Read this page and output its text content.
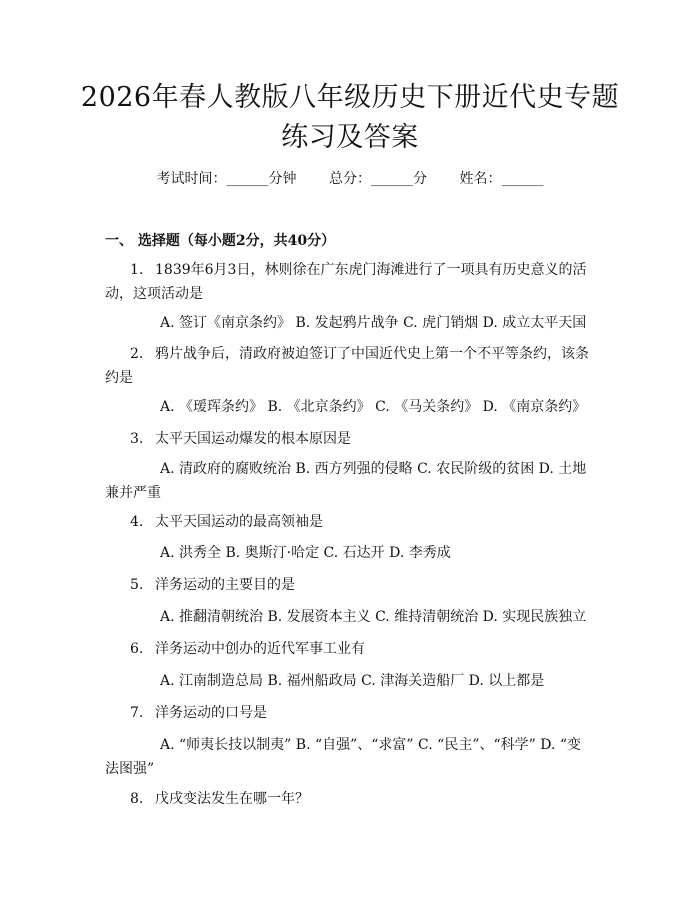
2026年春人教版八年级历史下册近代史专题
练习及答案
考试时间：______分钟 总分：______分 姓名：______
一、 选择题（每小题2分，共40分）
1. 1839年6月3日，林则徐在广东虎门海滩进行了一项具有历史意义的活动，这项活动是
A. 签订《南京条约》 B. 发起鸦片战争 C. 虎门销烟 D. 成立太平天国
2. 鸦片战争后，清政府被迫签订了中国近代史上第一个不平等条约，该条约是
A. 《瑷珲条约》 B. 《北京条约》 C. 《马关条约》 D. 《南京条约》
3. 太平天国运动爆发的根本原因是
A. 清政府的腐败统治 B. 西方列强的侵略 C. 农民阶级的贫困 D. 土地兼并严重
4. 太平天国运动的最高领袖是
A. 洪秀全 B. 奥斯汀·哈定 C. 石达开 D. 李秀成
5. 洋务运动的主要目的是
A. 推翻清朝统治 B. 发展资本主义 C. 维持清朝统治 D. 实现民族独立
6. 洋务运动中创办的近代军事工业有
A. 江南制造总局 B. 福州船政局 C. 津海关造船厂 D. 以上都是
7. 洋务运动的口号是
A. “师夷长技以制夷” B. “自强”、“求富” C. “民主”、“科学” D. “变法图强”
8. 戊戌变法发生在哪一年？
